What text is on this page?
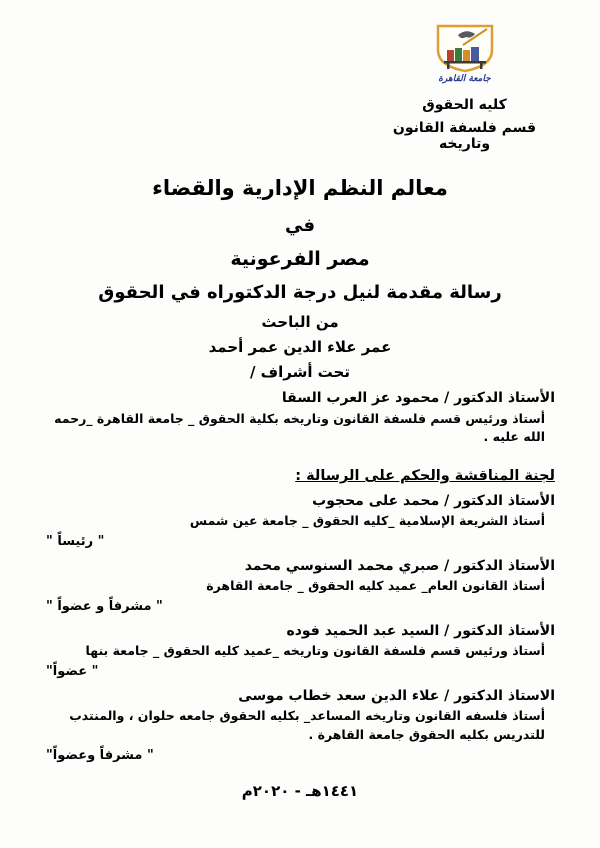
جامعة القاهرة
كليه الحقوق
قسم فلسفة القانون وتاريخه
معالم النظم الإدارية والقضاء
في
مصر الفرعونية
رسالة مقدمة لنيل درجة الدكتوراه في الحقوق
من الباحث
عمر علاء الدين عمر أحمد
تحت أشراف /
الأستاذ الدكتور / محمود عز العرب السقا
أستاذ ورئيس قسم فلسفة القانون وتاريخه بكلية الحقوق _ جامعة القاهرة _رحمه الله عليه .
لجنة المناقشة والحكم على الرسالة :
الأستاذ الدكتور / محمد على محجوب
أستاذ الشريعة الإسلامية _كليه الحقوق _ جامعة عين شمس
" رئيساً "
الأستاذ الدكتور / صبري محمد السنوسي محمد
أستاذ القانون العام_ عميد كليه الحقوق _ جامعة القاهرة
" مشرفاً و عضواً "
الأستاذ الدكتور / السيد عبد الحميد فوده
أستاذ ورئيس قسم فلسفة القانون وتاريخه _عميد كليه الحقوق _ جامعة بنها
"عضواً "
الاستاذ الدكتور / علاء الدين سعد خطاب موسى
أستاذ فلسفه القانون وتاريخه المساعد_ بكليه الحقوق جامعه حلوان ، والمنتدب
للتدريس بكليه الحقوق جامعة القاهرة .
"مشرفاً وعضواً "
١٤٤١هـ - ٢٠٢٠م
